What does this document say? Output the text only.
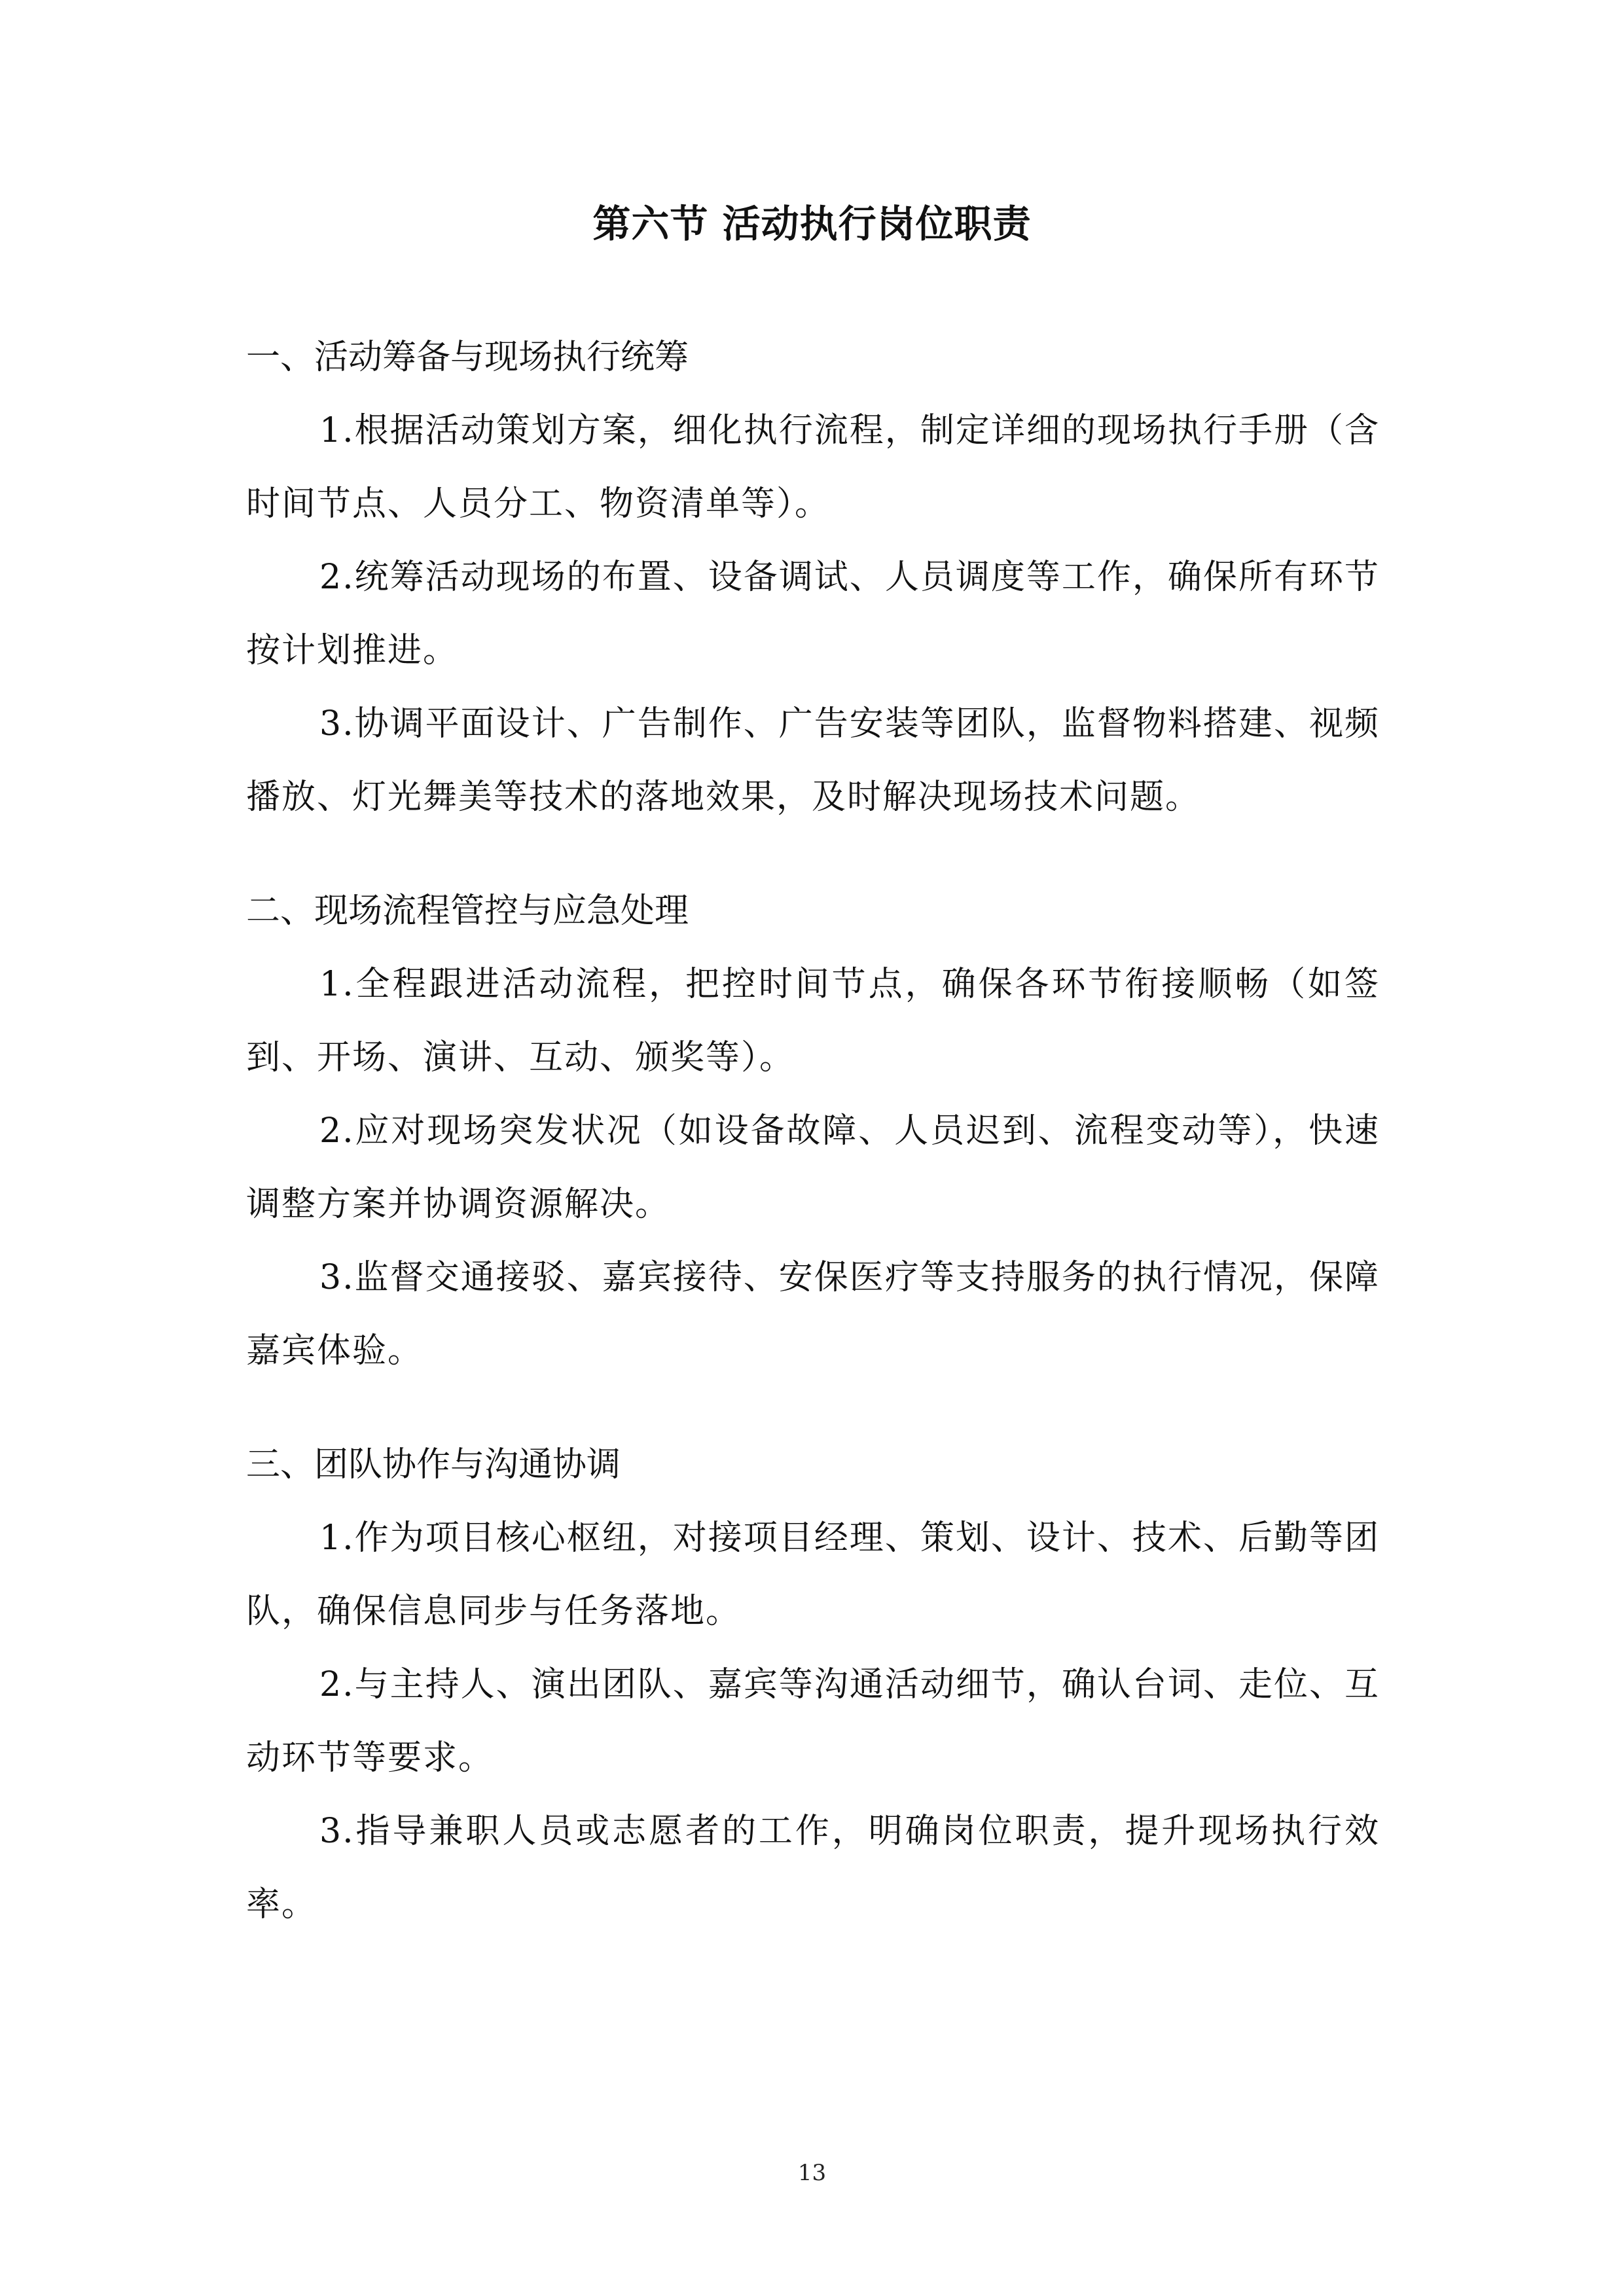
第六节 活动执行岗位职责

一、活动筹备与现场执行统筹

1.根据活动策划方案，细化执行流程，制定详细的现场执行手册（含时间节点、人员分工、物资清单等）。

2.统筹活动现场的布置、设备调试、人员调度等工作，确保所有环节按计划推进。

3.协调平面设计、广告制作、广告安装等团队，监督物料搭建、视频播放、灯光舞美等技术的落地效果，及时解决现场技术问题。

二、现场流程管控与应急处理

1.全程跟进活动流程，把控时间节点，确保各环节衔接顺畅（如签到、开场、演讲、互动、颁奖等）。

2.应对现场突发状况（如设备故障、人员迟到、流程变动等），快速调整方案并协调资源解决。

3.监督交通接驳、嘉宾接待、安保医疗等支持服务的执行情况，保障嘉宾体验。

三、团队协作与沟通协调

1.作为项目核心枢纽，对接项目经理、策划、设计、技术、后勤等团队，确保信息同步与任务落地。

2.与主持人、演出团队、嘉宾等沟通活动细节，确认台词、走位、互动环节等要求。

3.指导兼职人员或志愿者的工作，明确岗位职责，提升现场执行效率。

13
